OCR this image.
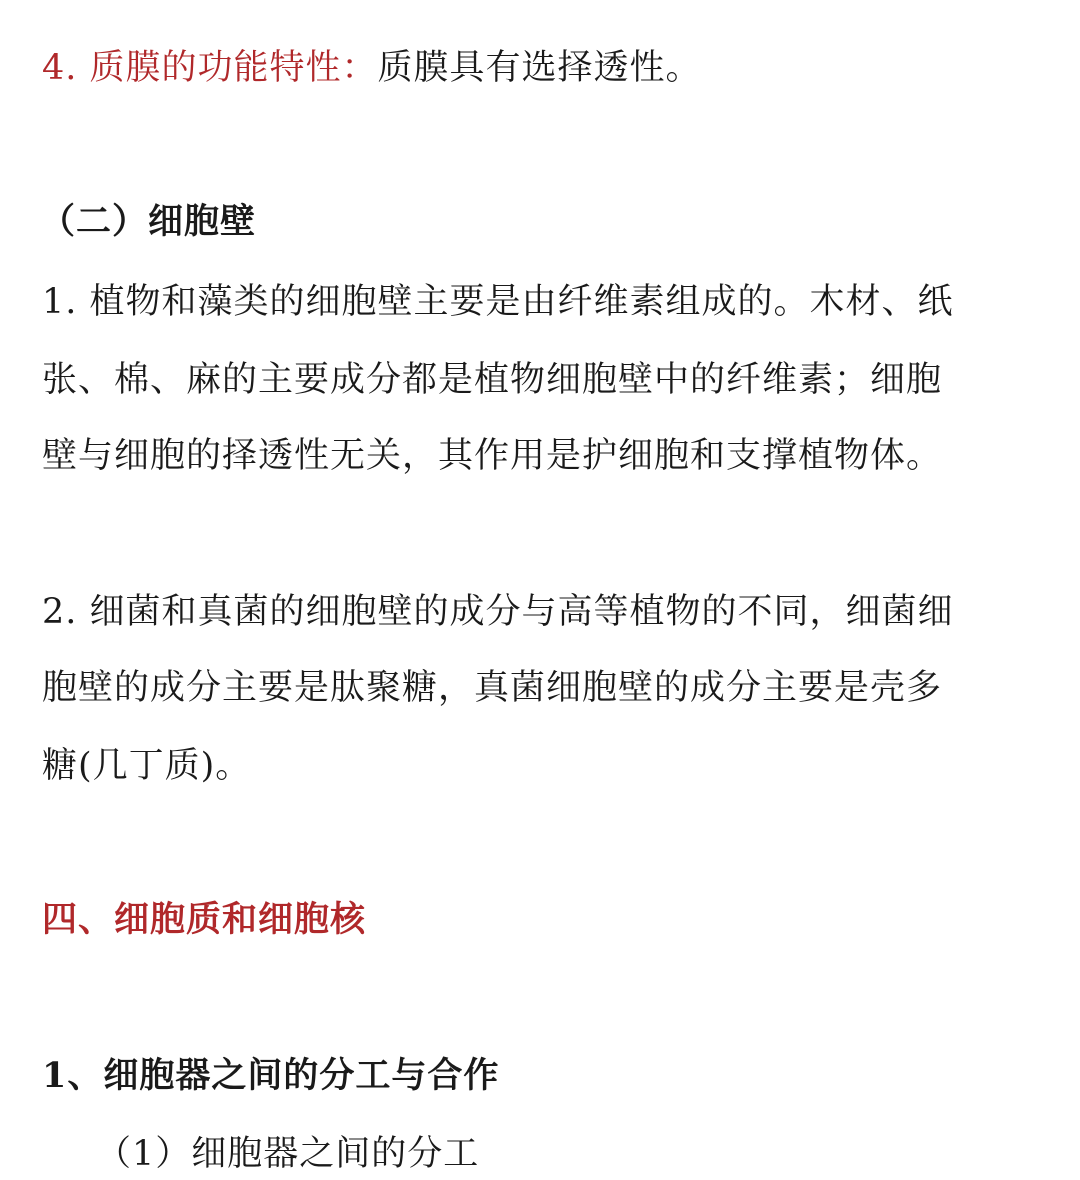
4. 质膜的功能特性：质膜具有选择透性。
（二）细胞壁
1. 植物和藻类的细胞壁主要是由纤维素组成的。木材、纸
张、棉、麻的主要成分都是植物细胞壁中的纤维素；细胞
壁与细胞的择透性无关，其作用是护细胞和支撑植物体。
2. 细菌和真菌的细胞壁的成分与高等植物的不同，细菌细
胞壁的成分主要是肽聚糖，真菌细胞壁的成分主要是壳多
糖(几丁质)。
四、细胞质和细胞核
1、细胞器之间的分工与合作
（1）细胞器之间的分工
